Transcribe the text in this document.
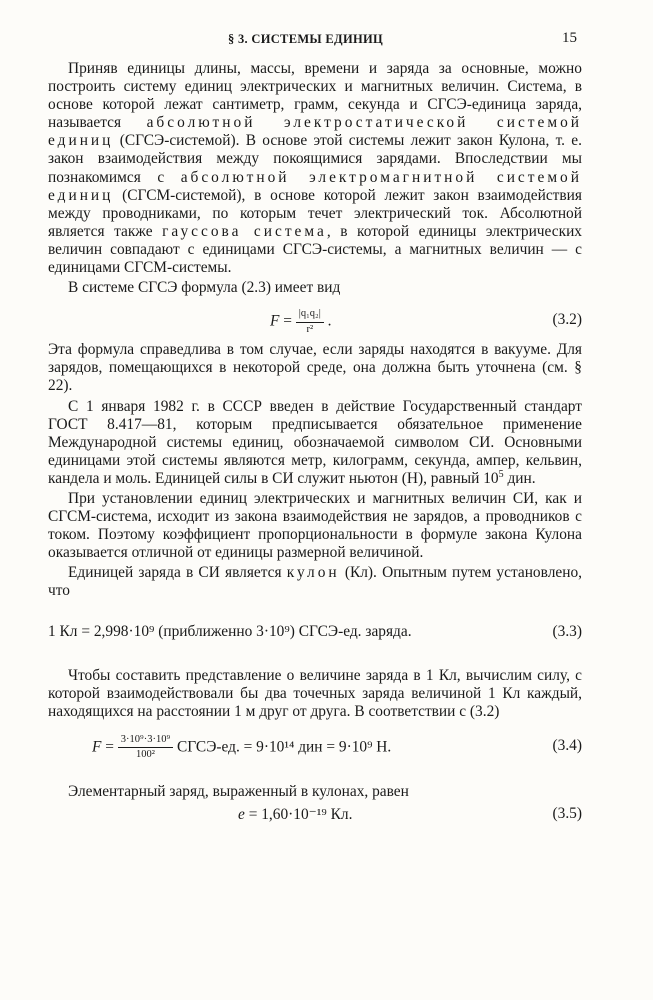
§ 3. СИСТЕМЫ ЕДИНИЦ	15

Приняв единицы длины, массы, времени и заряда за основные, можно построить систему единиц электрических и магнитных величин. Система, в основе которой лежат сантиметр, грамм, секунда и СГСЭ-единица заряда, называется абсолютной электростатической системой единиц (СГСЭ-системой). В основе этой системы лежит закон Кулона, т. е. закон взаимодействия между покоящимися зарядами. Впоследствии мы познакомимся с абсолютной электромагнитной системой единиц (СГСМ-системой), в основе которой лежит закон взаимодействия между проводниками, по которым течет электрический ток. Абсолютной является также гауссова система, в которой единицы электрических величин совпадают с единицами СГСЭ-системы, а магнитных величин — с единицами СГСМ-системы.

В системе СГСЭ формула (2.3) имеет вид

$F = \frac{\text{|q₁q₂|}}{\text{r²}}$ .	(3.2)

Эта формула справедлива в том случае, если заряды находятся в вакууме. Для зарядов, помещающихся в некоторой среде, она должна быть уточнена (см. § 22).

С 1 января 1982 г. в СССР введен в действие Государственный стандарт ГОСТ 8.417—81, которым предписывается обязательное применение Международной системы единиц, обозначаемой символом СИ. Основными единицами этой системы являются метр, килограмм, секунда, ампер, кельвин, кандела и моль. Единицей силы в СИ служит ньютон (Н), равный $10^5$ дин.

При установлении единиц электрических и магнитных величин СИ, как и СГСМ-система, исходит из закона взаимодействия не зарядов, а проводников с током. Поэтому коэффициент пропорциональности в формуле закона Кулона оказывается отличной от единицы размерной величиной.

Единицей заряда в СИ является кулон (Кл). Опытным путем установлено, что

1 Кл = 2,998·10⁹ (приближенно 3·10⁹) СГСЭ-ед. заряда.	(3.3)

Чтобы составить представление о величине заряда в 1 Кл, вычислим силу, с которой взаимодействовали бы два точечных заряда величиной 1 Кл каждый, находящихся на расстоянии 1 м друг от друга. В соответствии с (3.2)

$F = \frac{\text{3·10⁹·3·10⁹}}{\text{100²}}$ СГСЭ-ед. = 9·10¹⁴ дин = 9·10⁹ Н.	(3.4)

Элементарный заряд, выраженный в кулонах, равен

e = 1,60·10⁻¹⁹ Кл.	(3.5)
